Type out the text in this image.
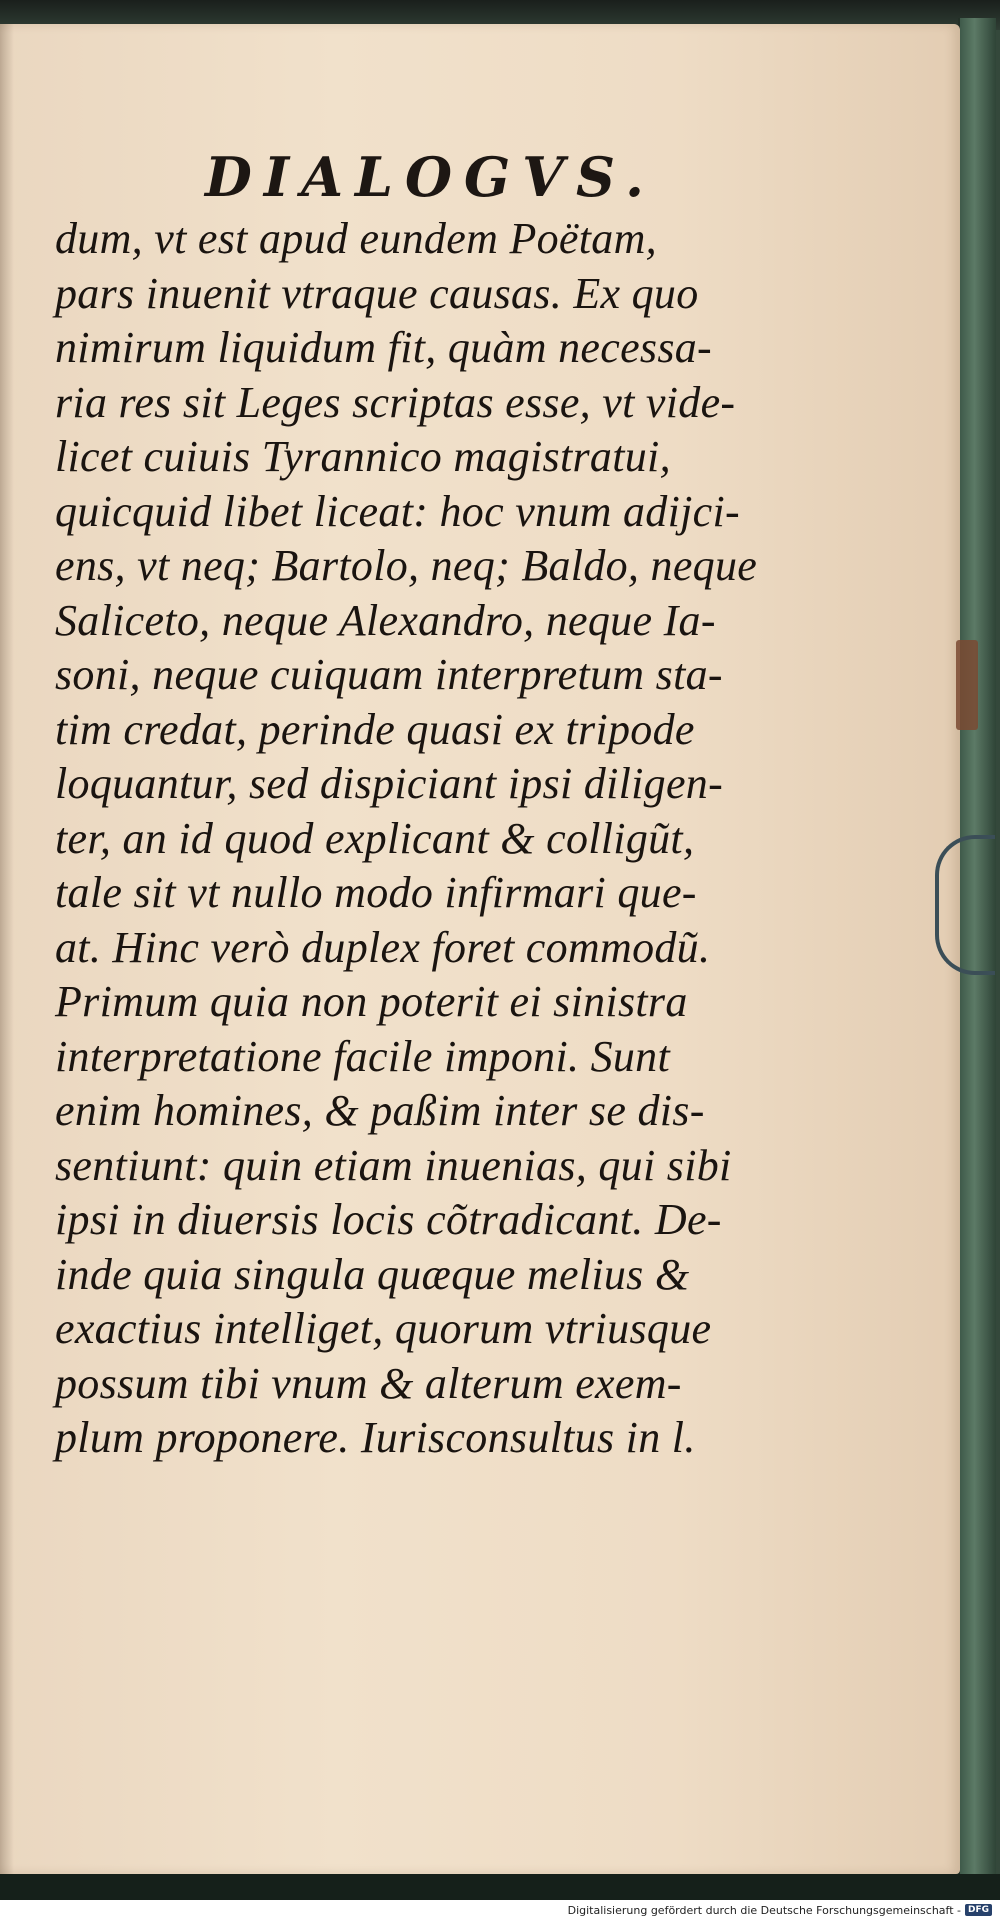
DIALOGVS.
dum, vt est apud eundem Poëtam,
pars inuenit vtraque causas. Ex quo
nimirum liquidum fit, quàm necessa-
ria res sit Leges scriptas esse, vt vide-
licet cuiuis Tyrannico magistratui,
quicquid libet liceat: hoc vnum adijci-
ens, vt neq; Bartolo, neq; Baldo, neque
Saliceto, neque Alexandro, neque Ia-
soni, neque cuiquam interpretum sta-
tim credat, perinde quasi ex tripode
loquantur, sed dispiciant ipsi diligen-
ter, an id quod explicant & colligũt,
tale sit vt nullo modo infirmari que-
at. Hinc verò duplex foret commodũ.
Primum quia non poterit ei sinistra
interpretatione facile imponi. Sunt
enim homines, & paßim inter se dis-
sentiunt: quin etiam inuenias, qui sibi
ipsi in diuersis locis cõtradicant. De-
inde quia singula quæque melius &
exactius intelliget, quorum vtriusque
possum tibi vnum & alterum exem-
plum proponere. Iurisconsultus in l.
Digitalisierung gefördert durch die Deutsche Forschungsgemeinschaft - DFG
